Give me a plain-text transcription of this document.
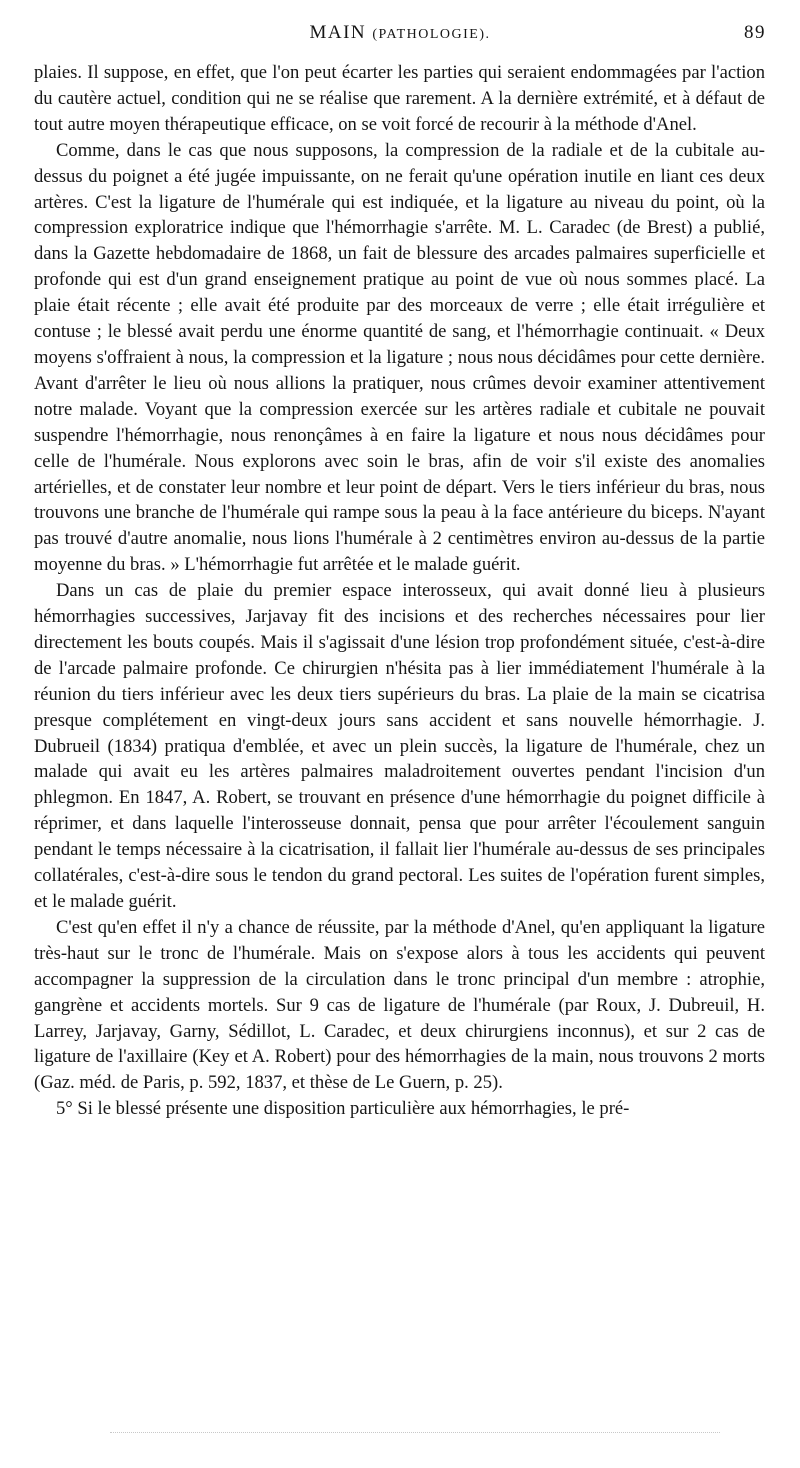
MAIN (PATHOLOGIE).	89

plaies. Il suppose, en effet, que l'on peut écarter les parties qui seraient endommagées par l'action du cautère actuel, condition qui ne se réalise que rarement. A la dernière extrémité, et à défaut de tout autre moyen thérapeutique efficace, on se voit forcé de recourir à la méthode d'Anel.

Comme, dans le cas que nous supposons, la compression de la radiale et de la cubitale au-dessus du poignet a été jugée impuissante, on ne ferait qu'une opération inutile en liant ces deux artères. C'est la ligature de l'humérale qui est indiquée, et la ligature au niveau du point, où la compression exploratrice indique que l'hémorrhagie s'arrête. M. L. Caradec (de Brest) a publié, dans la Gazette hebdomadaire de 1868, un fait de blessure des arcades palmaires superficielle et profonde qui est d'un grand enseignement pratique au point de vue où nous sommes placé. La plaie était récente ; elle avait été produite par des morceaux de verre ; elle était irrégulière et contuse ; le blessé avait perdu une énorme quantité de sang, et l'hémorrhagie continuait. « Deux moyens s'offraient à nous, la compression et la ligature ; nous nous décidâmes pour cette dernière. Avant d'arrêter le lieu où nous allions la pratiquer, nous crûmes devoir examiner attentivement notre malade. Voyant que la compression exercée sur les artères radiale et cubitale ne pouvait suspendre l'hémorrhagie, nous renonçâmes à en faire la ligature et nous nous décidâmes pour celle de l'humérale. Nous explorons avec soin le bras, afin de voir s'il existe des anomalies artérielles, et de constater leur nombre et leur point de départ. Vers le tiers inférieur du bras, nous trouvons une branche de l'humérale qui rampe sous la peau à la face antérieure du biceps. N'ayant pas trouvé d'autre anomalie, nous lions l'humérale à 2 centimètres environ au-dessus de la partie moyenne du bras. » L'hémorrhagie fut arrêtée et le malade guérit.

Dans un cas de plaie du premier espace interosseux, qui avait donné lieu à plusieurs hémorrhagies successives, Jarjavay fit des incisions et des recherches nécessaires pour lier directement les bouts coupés. Mais il s'agissait d'une lésion trop profondément située, c'est-à-dire de l'arcade palmaire profonde. Ce chirurgien n'hésita pas à lier immédiatement l'humérale à la réunion du tiers inférieur avec les deux tiers supérieurs du bras. La plaie de la main se cicatrisa presque complétement en vingt-deux jours sans accident et sans nouvelle hémorrhagie. J. Dubrueil (1834) pratiqua d'emblée, et avec un plein succès, la ligature de l'humérale, chez un malade qui avait eu les artères palmaires maladroitement ouvertes pendant l'incision d'un phlegmon. En 1847, A. Robert, se trouvant en présence d'une hémorrhagie du poignet difficile à réprimer, et dans laquelle l'interosseuse donnait, pensa que pour arrêter l'écoulement sanguin pendant le temps nécessaire à la cicatrisation, il fallait lier l'humérale au-dessus de ses principales collatérales, c'est-à-dire sous le tendon du grand pectoral. Les suites de l'opération furent simples, et le malade guérit.

C'est qu'en effet il n'y a chance de réussite, par la méthode d'Anel, qu'en appliquant la ligature très-haut sur le tronc de l'humérale. Mais on s'expose alors à tous les accidents qui peuvent accompagner la suppression de la circulation dans le tronc principal d'un membre : atrophie, gangrène et accidents mortels. Sur 9 cas de ligature de l'humérale (par Roux, J. Dubreuil, H. Larrey, Jarjavay, Garny, Sédillot, L. Caradec, et deux chirurgiens inconnus), et sur 2 cas de ligature de l'axillaire (Key et A. Robert) pour des hémorrhagies de la main, nous trouvons 2 morts (Gaz. méd. de Paris, p. 592, 1837, et thèse de Le Guern, p. 25).

5° Si le blessé présente une disposition particulière aux hémorrhagies, le pré-
